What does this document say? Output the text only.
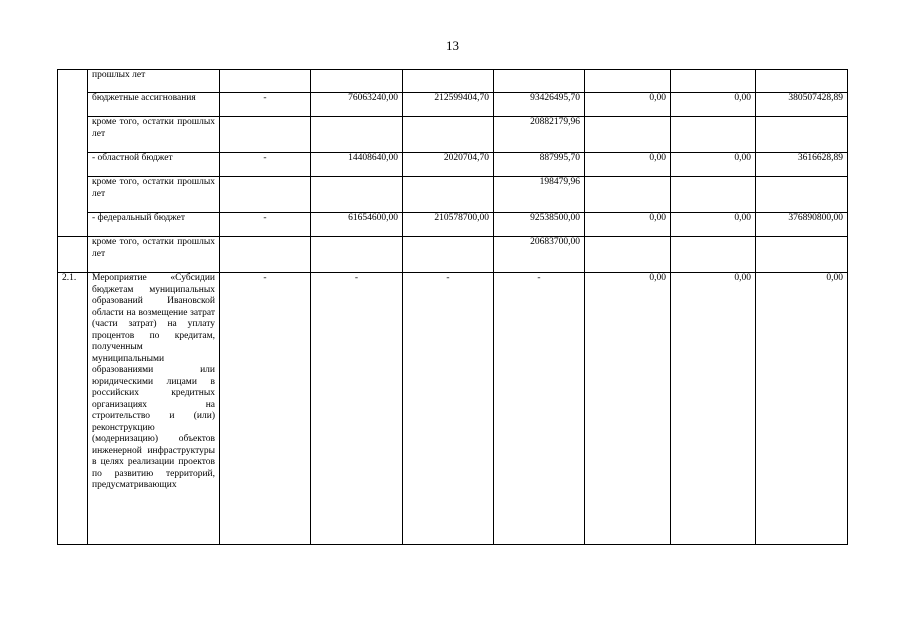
13
	прошлых лет							
	бюджетные ассигнования	-	76063240,00	212599404,70	93426495,70	0,00	0,00	380507428,89
	кроме того, остатки прошлых лет				20882179,96			
	- областной бюджет	-	14408640,00	2020704,70	887995,70	0,00	0,00	3616628,89
	кроме того, остатки прошлых лет				198479,96			
	- федеральный бюджет	-	61654600,00	210578700,00	92538500,00	0,00	0,00	376890800,00
	кроме того, остатки прошлых лет				20683700,00			
2.1.	Мероприятие «Субсидии бюджетам муниципальных образований Ивановской области на возмещение затрат (части затрат) на уплату процентов по кредитам, полученным муниципальными образованиями или юридическими лицами в российских кредитных организациях на строительство и (или) реконструкцию (модернизацию) объектов инженерной инфраструктуры в целях реализации проектов по развитию территорий, предусматривающих	-	-	-	-	0,00	0,00	0,00
